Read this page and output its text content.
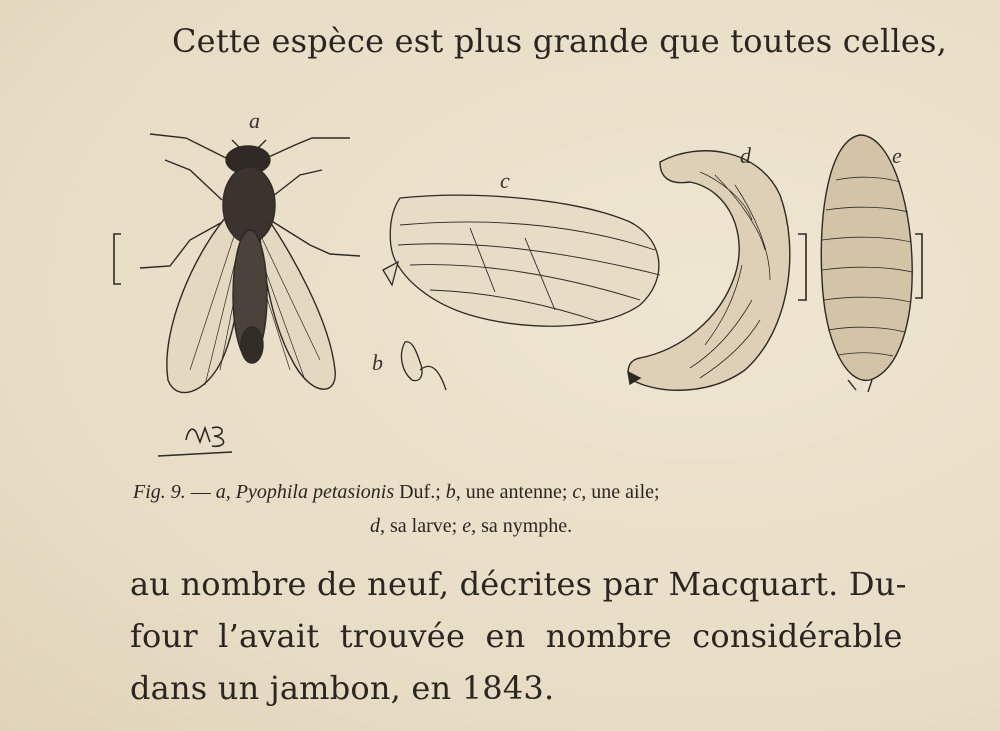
Cette espèce est plus grande que toutes celles,
a
b
c
d	e
Fig. 9. — a, Pyophila petasionis Duf.; b, une antenne; c, une aile;
d, sa larve; e, sa nymphe.
au nombre de neuf, décrites par Macquart. Du-
four l’avait trouvée en nombre considérable
dans un jambon, en 1843.
